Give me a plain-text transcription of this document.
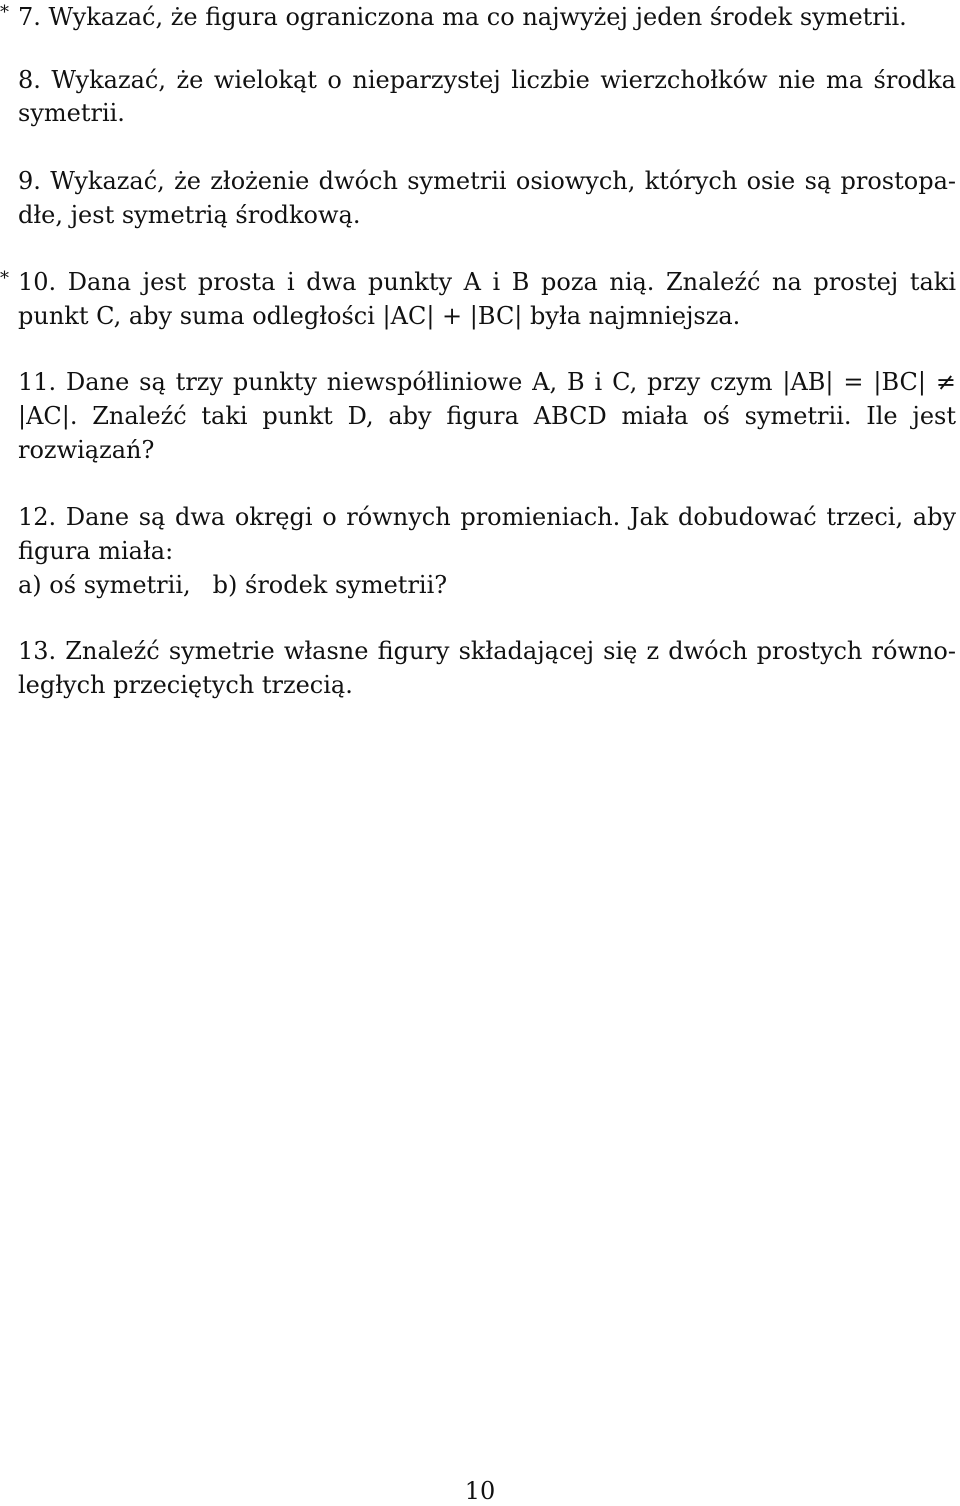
* 7. Wykazać, że figura ograniczona ma co najwyżej jeden środek symetrii.
8. Wykazać, że wielokąt o nieparzystej liczbie wierzchołków nie ma środka
symetrii.
9. Wykazać, że złożenie dwóch symetrii osiowych, których osie są prostopa-
dłe, jest symetrią środkową.
* 10. Dana jest prosta i dwa punkty A i B poza nią. Znaleźć na prostej taki
punkt C, aby suma odległości |AC| + |BC| była najmniejsza.
11. Dane są trzy punkty niewspółliniowe A, B i C, przy czym |AB| = |BC| ≠
|AC|. Znaleźć taki punkt D, aby figura ABCD miała oś symetrii. Ile jest
rozwiązań?
12. Dane są dwa okręgi o równych promieniach. Jak dobudować trzeci, aby
figura miała:
a) oś symetrii, b) środek symetrii?
13. Znaleźć symetrie własne figury składającej się z dwóch prostych równo-
ległych przeciętych trzecią.
10
